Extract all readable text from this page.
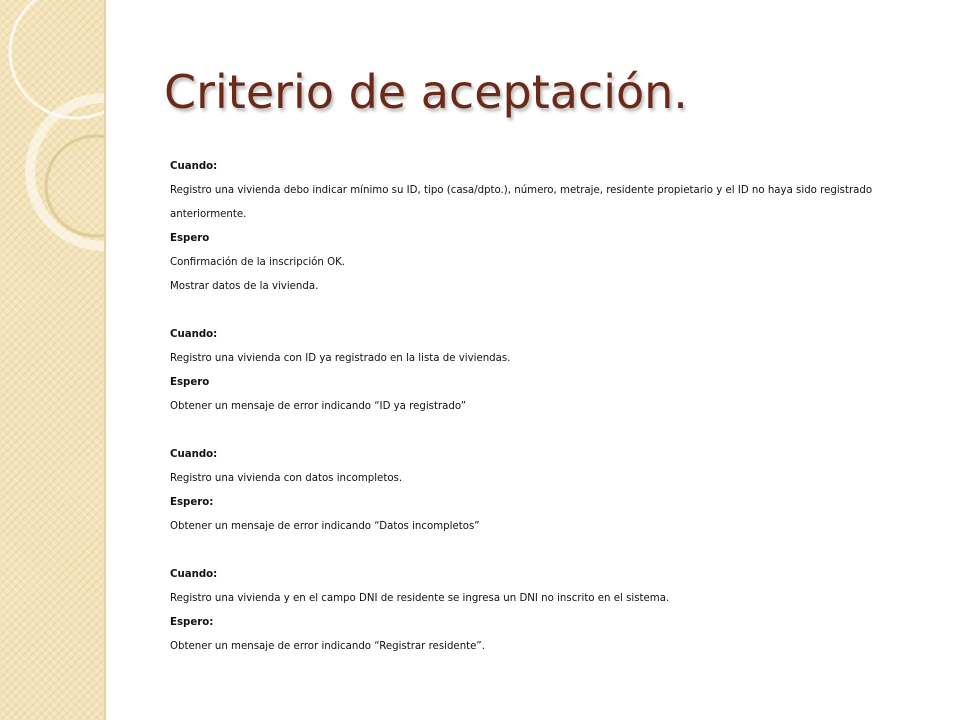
Criterio de aceptación.
Cuando:
Registro una vivienda debo indicar mínimo su ID, tipo (casa/dpto.), número, metraje, residente propietario y el ID no haya sido registrado
anteriormente.
Espero
Confirmación de la inscripción OK.
Mostrar datos de la vivienda.
Cuando:
Registro una vivienda con ID ya registrado en la lista de viviendas.
Espero
Obtener un mensaje de error indicando “ID ya registrado”
Cuando:
Registro una vivienda con datos incompletos.
Espero:
Obtener un mensaje de error indicando “Datos incompletos”
Cuando:
Registro una vivienda y en el campo DNI de residente se ingresa un DNI no inscrito en el sistema.
Espero:
Obtener un mensaje de error indicando “Registrar residente”.
